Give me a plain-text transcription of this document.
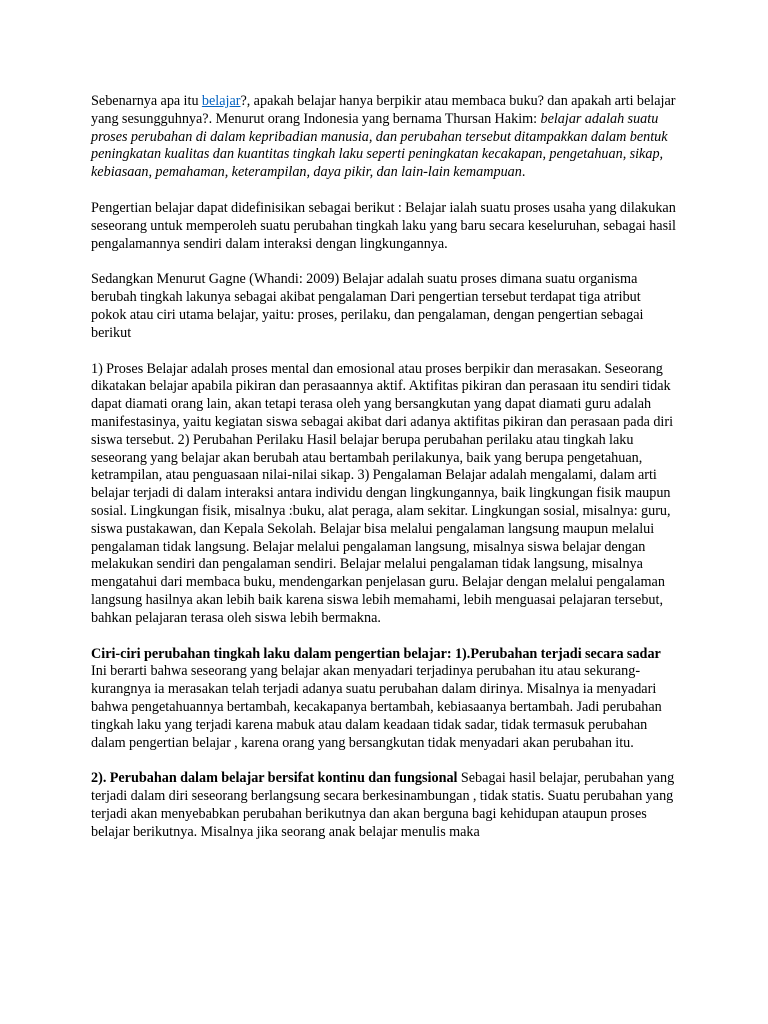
Sebenarnya apa itu belajar?, apakah belajar hanya berpikir atau membaca buku? dan apakah arti belajar yang sesungguhnya?. Menurut orang Indonesia yang bernama Thursan Hakim: belajar adalah suatu proses perubahan di dalam kepribadian manusia, dan perubahan tersebut ditampakkan dalam bentuk peningkatan kualitas dan kuantitas tingkah laku seperti peningkatan kecakapan, pengetahuan, sikap, kebiasaan, pemahaman, keterampilan, daya pikir, dan lain-lain kemampuan.

Pengertian belajar dapat didefinisikan sebagai berikut : Belajar ialah suatu proses usaha yang dilakukan seseorang untuk memperoleh suatu perubahan tingkah laku yang baru secara keseluruhan, sebagai hasil pengalamannya sendiri dalam interaksi dengan lingkungannya.

Sedangkan Menurut Gagne (Whandi: 2009) Belajar adalah suatu proses dimana suatu organisma berubah tingkah lakunya sebagai akibat pengalaman Dari pengertian tersebut terdapat tiga atribut pokok atau ciri utama belajar, yaitu: proses, perilaku, dan pengalaman, dengan pengertian sebagai berikut

1) Proses Belajar adalah proses mental dan emosional atau proses berpikir dan merasakan. Seseorang dikatakan belajar apabila pikiran dan perasaannya aktif. Aktifitas pikiran dan perasaan itu sendiri tidak dapat diamati orang lain, akan tetapi terasa oleh yang bersangkutan yang dapat diamati guru adalah manifestasinya, yaitu kegiatan siswa sebagai akibat dari adanya aktifitas pikiran dan perasaan pada diri siswa tersebut. 2) Perubahan Perilaku Hasil belajar berupa perubahan perilaku atau tingkah laku seseorang yang belajar akan berubah atau bertambah perilakunya, baik yang berupa pengetahuan, ketrampilan, atau penguasaan nilai-nilai sikap. 3) Pengalaman Belajar adalah mengalami, dalam arti belajar terjadi di dalam interaksi antara individu dengan lingkungannya, baik lingkungan fisik maupun sosial. Lingkungan fisik, misalnya :buku, alat peraga, alam sekitar. Lingkungan sosial, misalnya: guru, siswa pustakawan, dan Kepala Sekolah. Belajar bisa melalui pengalaman langsung maupun melalui pengalaman tidak langsung. Belajar melalui pengalaman langsung, misalnya siswa belajar dengan melakukan sendiri dan pengalaman sendiri. Belajar melalui pengalaman tidak langsung, misalnya mengatahui dari membaca buku, mendengarkan penjelasan guru. Belajar dengan melalui pengalaman langsung hasilnya akan lebih baik karena siswa lebih memahami, lebih menguasai pelajaran tersebut, bahkan pelajaran terasa oleh siswa lebih bermakna.

Ciri-ciri perubahan tingkah laku dalam pengertian belajar: 1).Perubahan terjadi secara sadar Ini berarti bahwa seseorang yang belajar akan menyadari terjadinya perubahan itu atau sekurang-kurangnya ia merasakan telah terjadi adanya suatu perubahan dalam dirinya. Misalnya ia menyadari bahwa pengetahuannya bertambah, kecakapanya bertambah, kebiasaanya bertambah. Jadi perubahan tingkah laku yang terjadi karena mabuk atau dalam keadaan tidak sadar, tidak termasuk perubahan dalam pengertian belajar , karena orang yang bersangkutan tidak menyadari akan perubahan itu.

2). Perubahan dalam belajar bersifat kontinu dan fungsional Sebagai hasil belajar, perubahan yang terjadi dalam diri seseorang berlangsung secara berkesinambungan , tidak statis. Suatu perubahan yang terjadi akan menyebabkan perubahan berikutnya dan akan berguna bagi kehidupan ataupun proses belajar berikutnya. Misalnya jika seorang anak belajar menulis maka
